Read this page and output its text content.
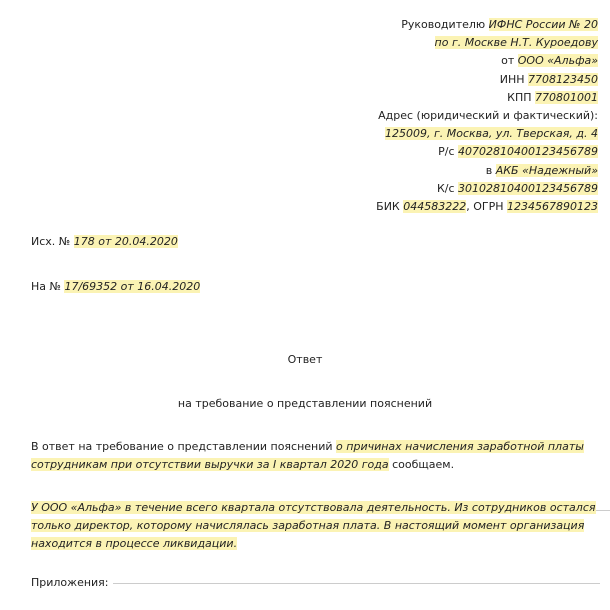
Руководителю ИФНС России № 20
по г. Москве Н.Т. Куроедову
от ООО «Альфа»
ИНН 7708123450
КПП 770801001
Адрес (юридический и фактический):
125009, г. Москва, ул. Тверская, д. 4
Р/с 40702810400123456789
в АКБ «Надежный»
К/с 30102810400123456789
БИК 044583222, ОГРН 1234567890123
Исх. № 178 от 20.04.2020
На № 17/69352 от 16.04.2020
Ответ
на требование о представлении пояснений
В ответ на требование о представлении пояснений о причинах начисления заработной платы
сотрудникам при отсутствии выручки за I квартал 2020 года сообщаем.
У ООО «Альфа» в течение всего квартала отсутствовала деятельность. Из сотрудников остался
только директор, которому начислялась заработная плата. В настоящий момент организация
находится в процессе ликвидации.
Приложения:
